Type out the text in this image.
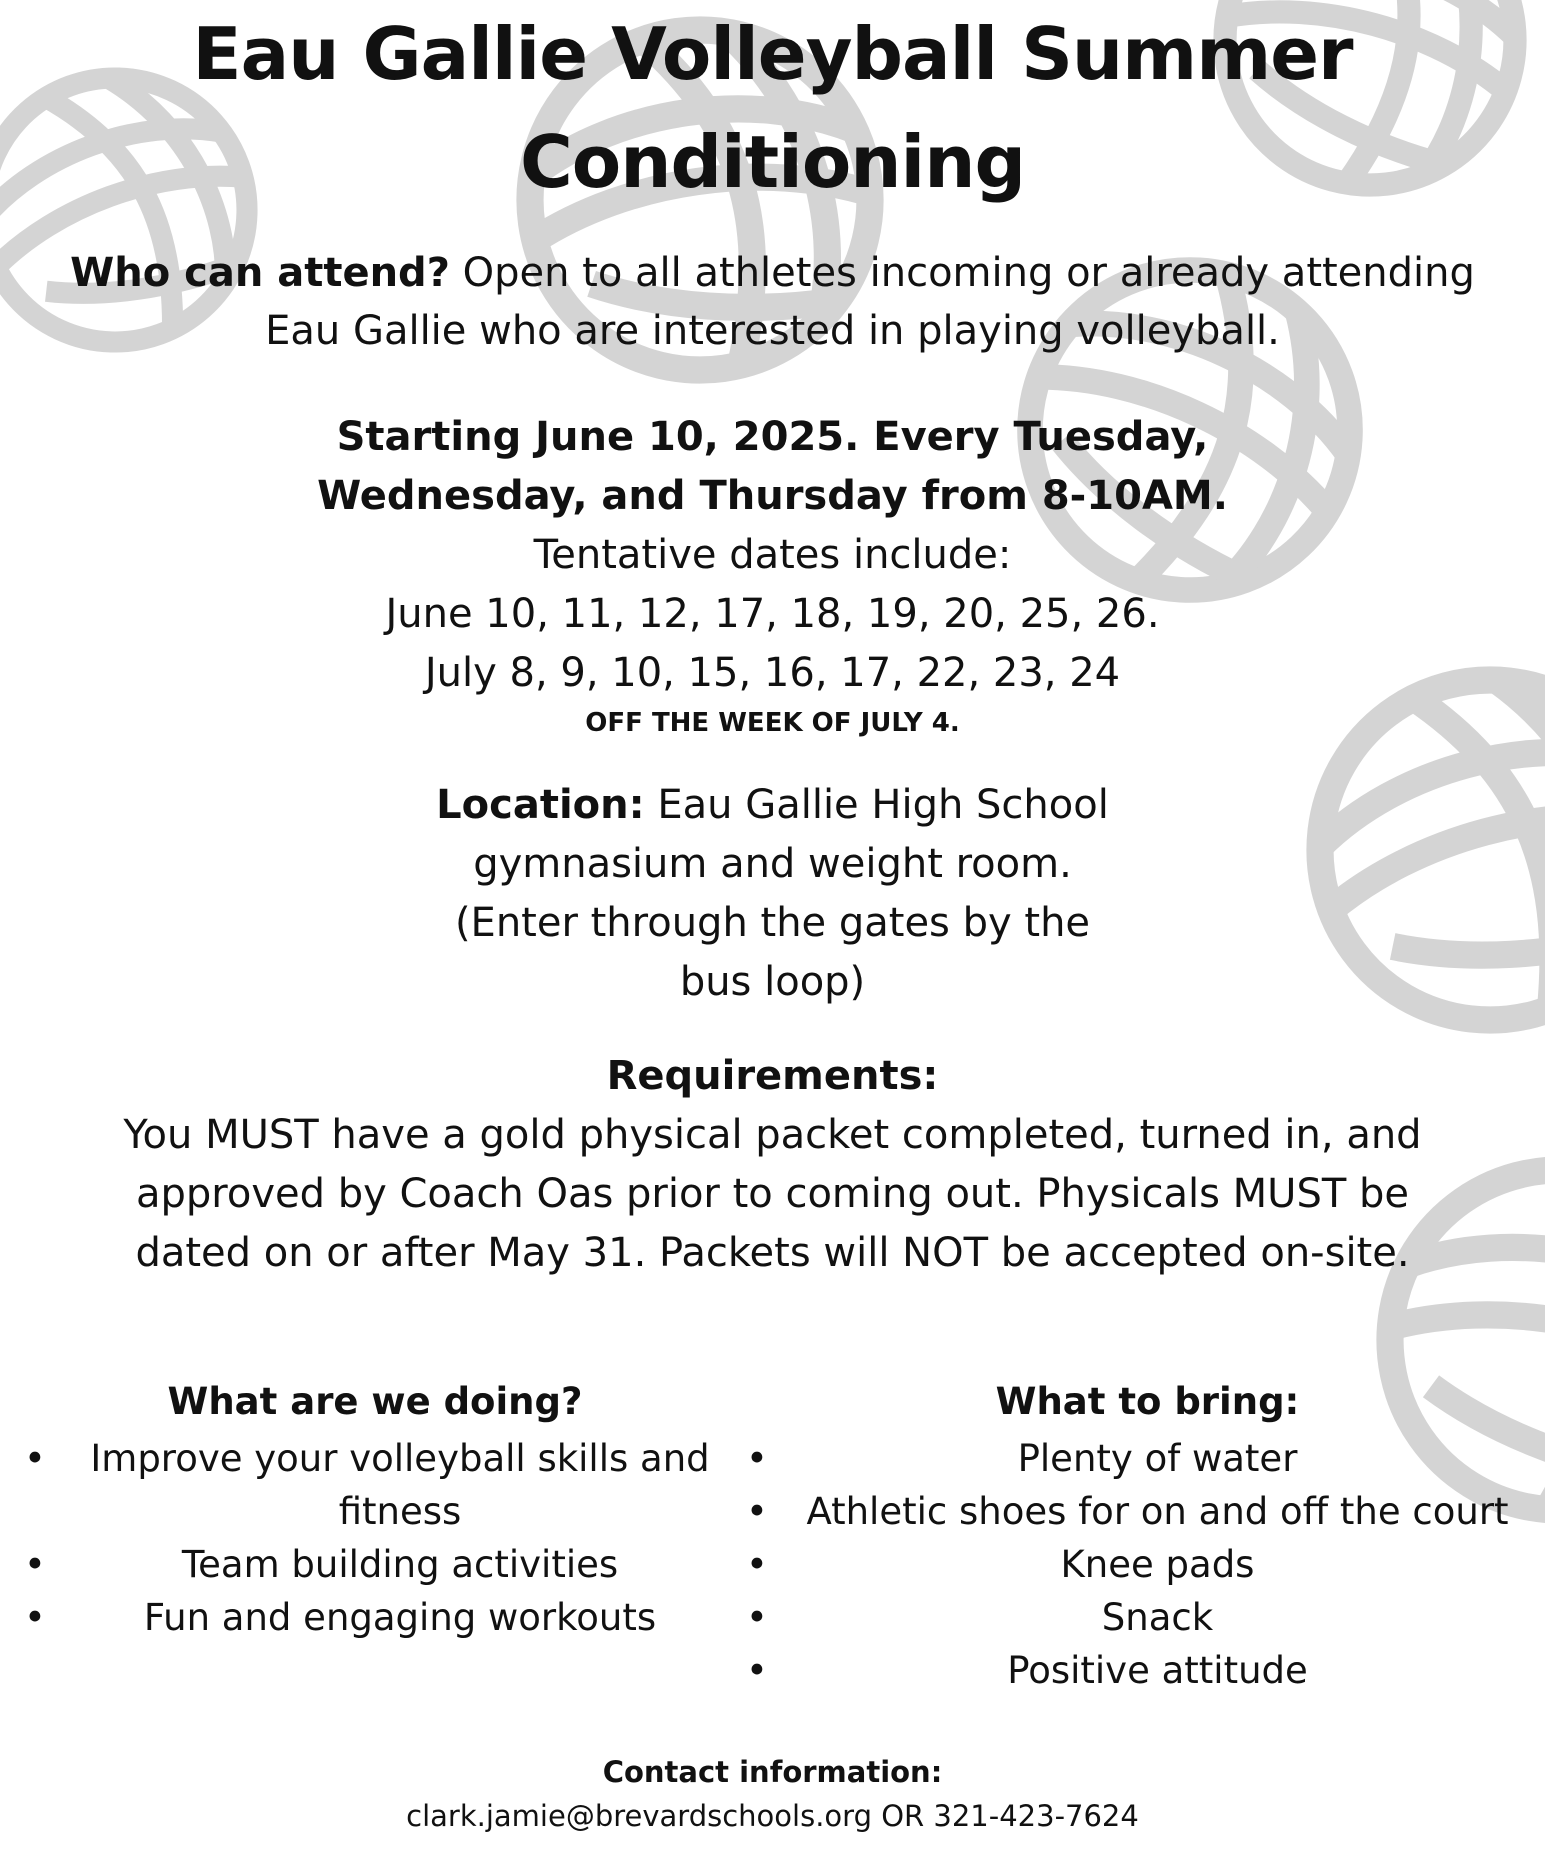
Eau Gallie Volleyball Summer
Conditioning
Who can attend? Open to all athletes incoming or already attending Eau Gallie who are interested in playing volleyball.
Starting June 10, 2025. Every Tuesday,
Wednesday, and Thursday from 8-10AM.
Tentative dates include:
June 10, 11, 12, 17, 18, 19, 20, 25, 26.
July 8, 9, 10, 15, 16, 17, 22, 23, 24
OFF THE WEEK OF JULY 4.
Location: Eau Gallie High School
gymnasium and weight room.
(Enter through the gates by the
bus loop)
Requirements:
You MUST have a gold physical packet completed, turned in, and approved by Coach Oas prior to coming out. Physicals MUST be dated on or after May 31. Packets will NOT be accepted on-site.
What are we doing?
• Improve your volleyball skills and fitness
•	Team building activities
•	Fun and engaging workouts
What to bring:
•	Plenty of water
• Athletic shoes for on and off the court
•	Knee pads
•	Snack
•	Positive attitude
Contact information:
clark.jamie@brevardschools.org OR 321-423-7624
